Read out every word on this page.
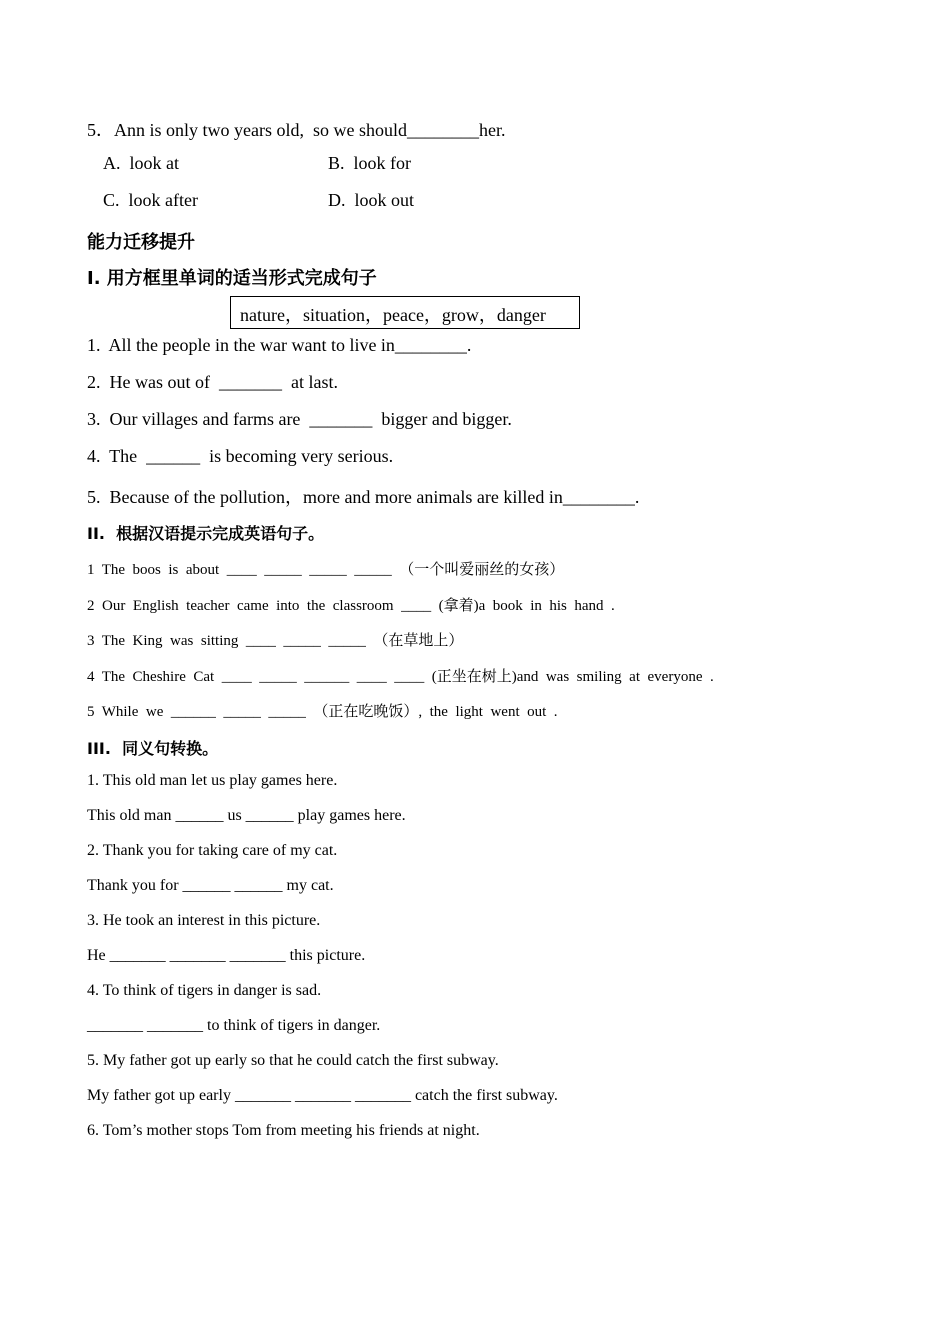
5．Ann is only two years old,  so we should________her.
A.  look at	B.  look for
C.  look after	D.  look out
能力迁移提升
I. 用方框里单词的适当形式完成句子
nature，situation，peace，grow，danger
1.  All the people in the war want to live in________.
2.  He was out of  _______  at last.
3.  Our villages and farms are  _______  bigger and bigger.
4.  The  ______  is becoming very serious.
5.  Because of the pollution，more and more animals are killed in________.
II.  根据汉语提示完成英语句子。
1  The  boos  is  about  ____  _____  _____  _____  （一个叫爱丽丝的女孩）
2  Our  English  teacher  came  into  the  classroom  ____  (拿着)a  book  in  his  hand  .
3  The  King  was  sitting  ____  _____  _____  （在草地上）
4  The  Cheshire  Cat  ____  _____  ______  ____  ____  (正坐在树上)and  was  smiling  at  everyone  .
5  While  we  ______  _____  _____  （正在吃晚饭）,  the  light  went  out  .
III.  同义句转换。
1. This old man let us play games here.
This old man ______ us ______ play games here.
2. Thank you for taking care of my cat.
Thank you for ______ ______ my cat.
3. He took an interest in this picture.
He _______ _______ _______ this picture.
4. To think of tigers in danger is sad.
_______ _______ to think of tigers in danger.
5. My father got up early so that he could catch the first subway.
My father got up early _______ _______ _______ catch the first subway.
6. Tom’s mother stops Tom from meeting his friends at night.
